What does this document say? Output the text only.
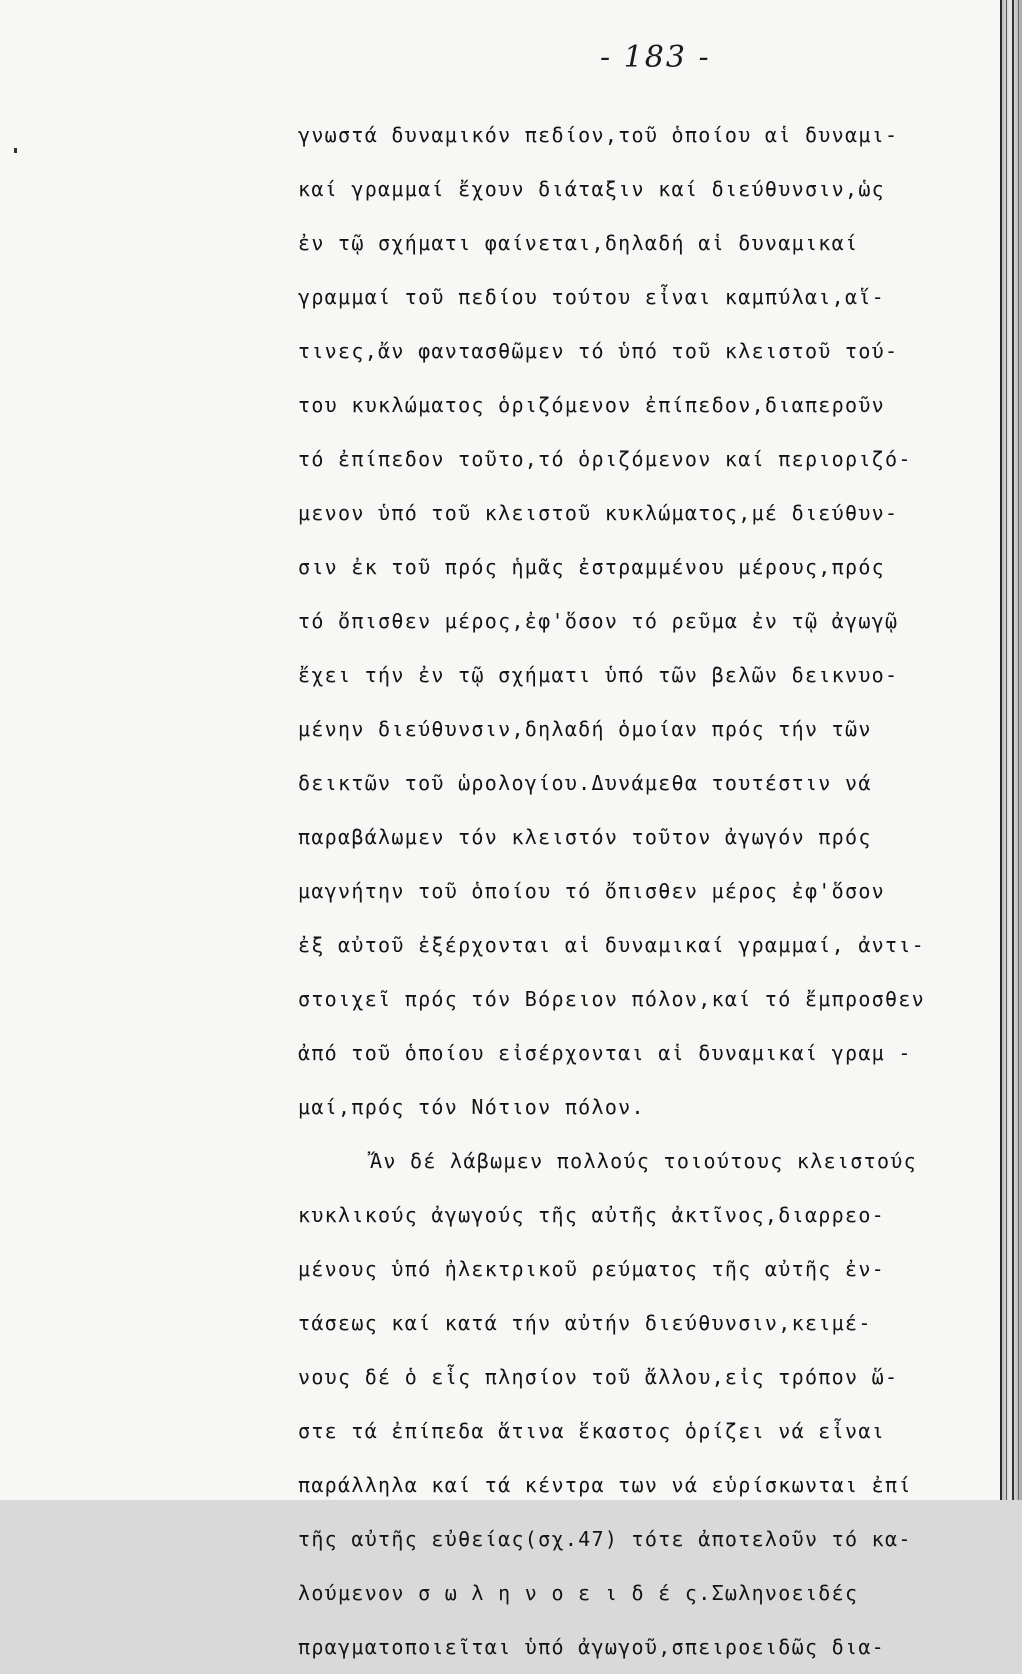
- 183 -
γνωστά δυναμικόν πεδίον,τοῦ ὁποίου αἱ δυναμι-
καί γραμμαί ἔχουν διάταξιν καί διεύθυνσιν,ὡς
ἐν τῷ σχήματι φαίνεται,δηλαδή αἱ δυναμικαί
γραμμαί τοῦ πεδίου τούτου εἶναι καμπύλαι,αἵ-
τινες,ἄν φαντασθῶμεν τό ὑπό τοῦ κλειστοῦ τού-
του κυκλώματος ὁριζόμενον ἐπίπεδον,διαπεροῦν
τό ἐπίπεδον τοῦτο,τό ὁριζόμενον καί περιοριζό-
μενον ὑπό τοῦ κλειστοῦ κυκλώματος,μέ διεύθυν-
σιν ἐκ τοῦ πρός ἡμᾶς ἐστραμμένου μέρους,πρός
τό ὄπισθεν μέρος,ἐφ'ὅσον τό ρεῦμα ἐν τῷ ἀγωγῷ
ἔχει τήν ἐν τῷ σχήματι ὑπό τῶν βελῶν δεικνυο-
μένην διεύθυνσιν,δηλαδή ὁμοίαν πρός τήν τῶν
δεικτῶν τοῦ ὡρολογίου.Δυνάμεθα τουτέστιν νά
παραβάλωμεν τόν κλειστόν τοῦτον ἀγωγόν πρός
μαγνήτην τοῦ ὁποίου τό ὄπισθεν μέρος ἐφ'ὅσον
ἐξ αὐτοῦ ἐξέρχονται αἱ δυναμικαί γραμμαί, ἀντι-
στοιχεῖ πρός τόν Βόρειον πόλον,καί τό ἔμπροσθεν
ἀπό τοῦ ὁποίου εἰσέρχονται αἱ δυναμικαί γραμ -
μαί,πρός τόν Νότιον πόλον.
Ἄν δέ λάβωμεν πολλούς τοιούτους κλειστούς
κυκλικούς ἀγωγούς τῆς αὐτῆς ἀκτῖνος,διαρρεο-
μένους ὑπό ἠλεκτρικοῦ ρεύματος τῆς αὐτῆς ἐν-
τάσεως καί κατά τήν αὐτήν διεύθυνσιν,κειμέ-
νους δέ ὁ εἷς πλησίον τοῦ ἄλλου,εἰς τρόπον ὥ-
στε τά ἐπίπεδα ἅτινα ἕκαστος ὁρίζει νά εἶναι
παράλληλα καί τά κέντρα των νά εὑρίσκωνται ἐπί
τῆς αὐτῆς εὐθείας(σχ.47) τότε ἀποτελοῦν τό κα-
λούμενον σ ω λ η ν ο ε ι δ έ ς.Σωληνοειδές
πραγματοποιεῖται ὑπό ἀγωγοῦ,σπειροειδῶς δια-
